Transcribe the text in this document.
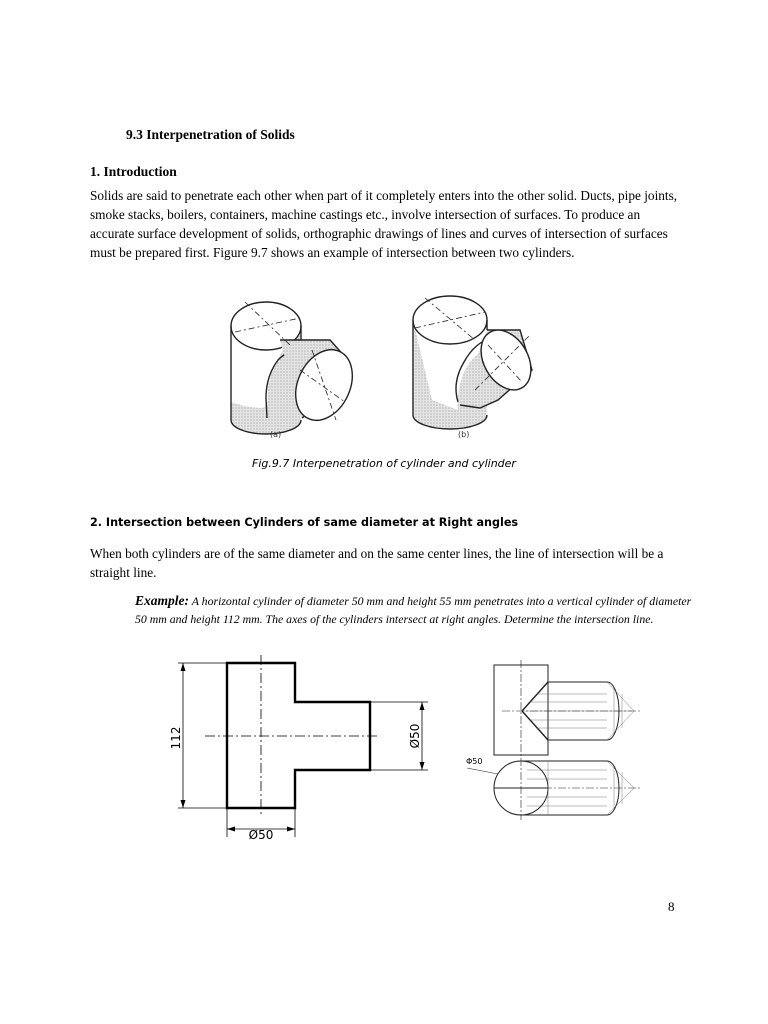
9.3 Interpenetration of Solids
1. Introduction
Solids are said to penetrate each other when part of it completely enters into the other solid. Ducts, pipe joints, smoke stacks, boilers, containers, machine castings etc., involve intersection of surfaces. To produce an accurate surface development of solids, orthographic drawings of lines and curves of intersection of surfaces must be prepared first. Figure 9.7 shows an example of intersection between two cylinders.
(a)	(b)
Fig.9.7 Interpenetration of cylinder and cylinder
2. Intersection between Cylinders of same diameter at Right angles
When both cylinders are of the same diameter and on the same center lines, the line of intersection will be a straight line.
Example: A horizontal cylinder of diameter 50 mm and height 55 mm penetrates into a vertical cylinder of diameter 50 mm and height 112 mm. The axes of the cylinders intersect at right angles. Determine the intersection line.
112	Ø50
Ø50
Φ50
8
